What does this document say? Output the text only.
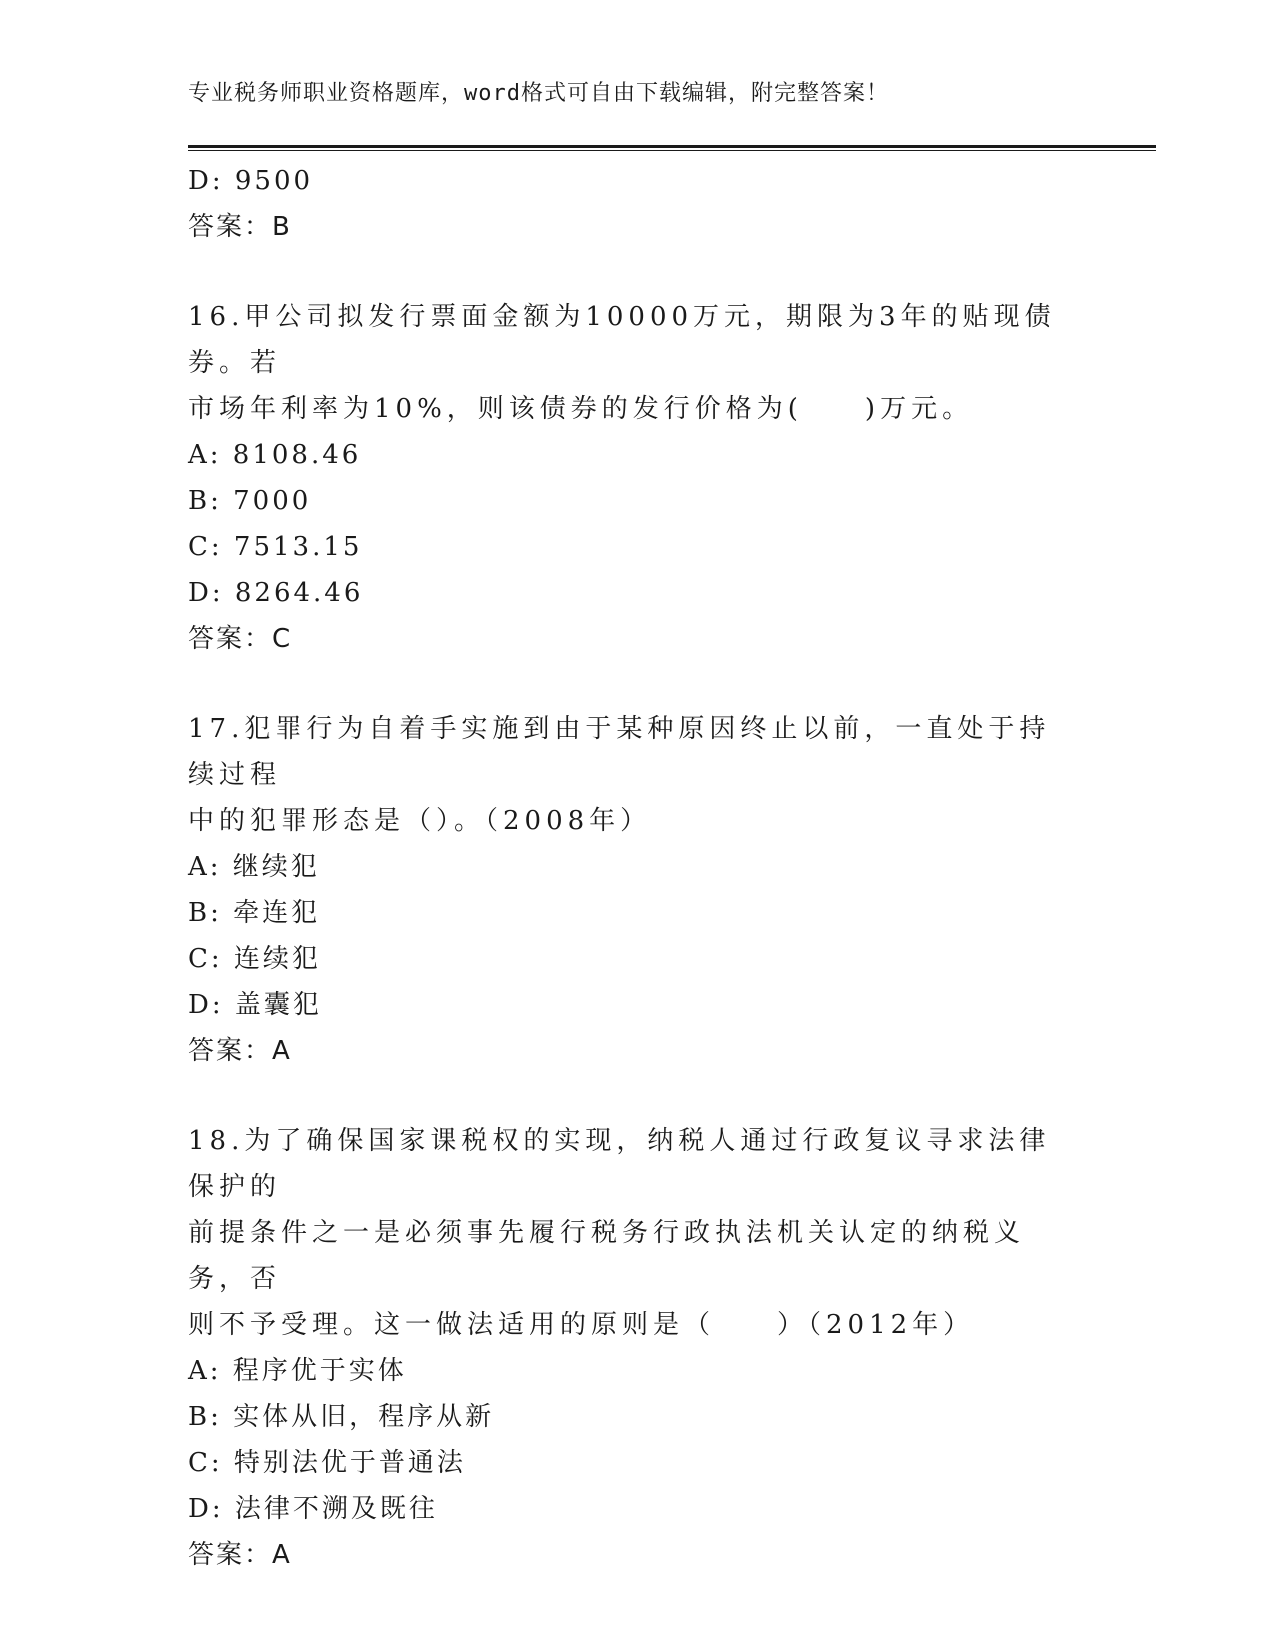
专业税务师职业资格题库，word格式可自由下载编辑，附完整答案！
D: 9500
答案：B
16.甲公司拟发行票面金额为10000万元，期限为3年的贴现债券。若
市场年利率为10%，则该债券的发行价格为(　　)万元。
A: 8108.46
B: 7000
C: 7513.15
D: 8264.46
答案：C
17.犯罪行为自着手实施到由于某种原因终止以前，一直处于持续过程
中的犯罪形态是（）。（2008年）
A: 继续犯
B: 牵连犯
C: 连续犯
D: 盖囊犯
答案：A
18.为了确保国家课税权的实现，纳税人通过行政复议寻求法律保护的
前提条件之一是必须事先履行税务行政执法机关认定的纳税义务，否
则不予受理。这一做法适用的原则是（　　）（2012年）
A: 程序优于实体
B: 实体从旧，程序从新
C: 特别法优于普通法
D: 法律不溯及既往
答案：A
